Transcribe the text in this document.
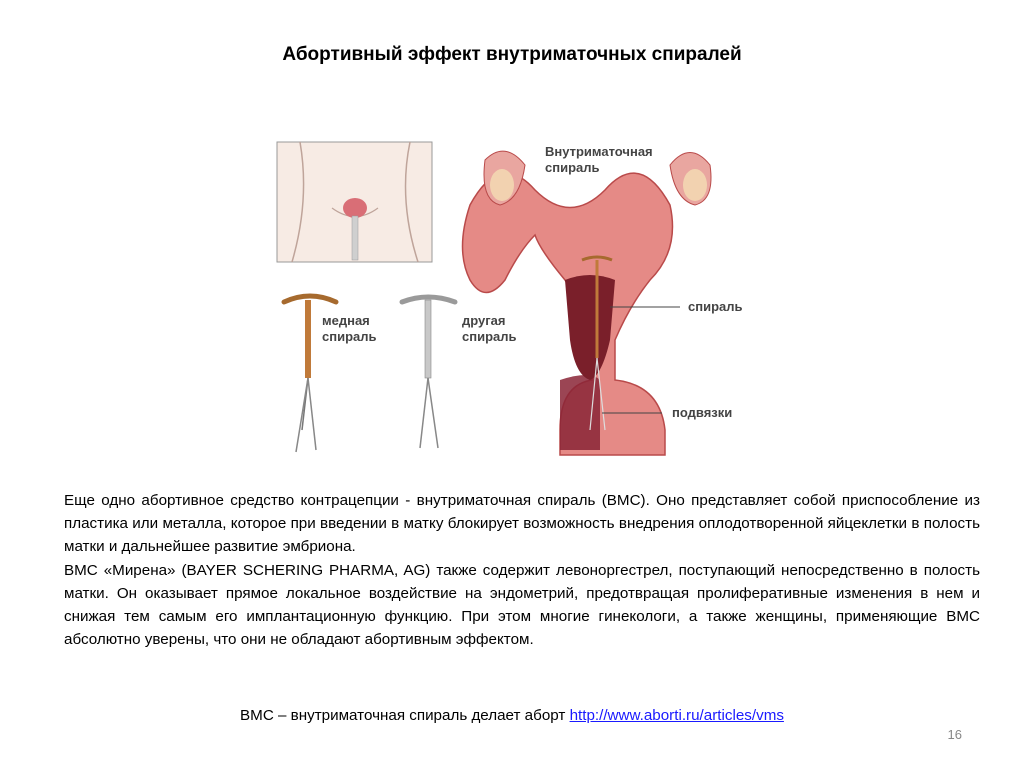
Абортивный эффект внутриматочных спиралей
медная
спираль
другая
спираль
Внутриматочная
спираль
спираль
подвязки

Еще одно абортивное средство контрацепции - внутриматочная спираль (ВМС). Оно представляет собой приспособление из пластика или металла, которое при введении в матку блокирует возможность внедрения оплодотворенной яйцеклетки в полость матки и дальнейшее развитие эмбриона.

ВМС «Мирена» (BAYER SCHERING PHARMA, AG) также содержит левоноргестрел, поступающий непосредственно в полость матки. Он оказывает прямое локальное воздействие на эндометрий, предотвращая пролиферативные изменения в нем и снижая тем самым его имплантационную функцию. При этом многие гинекологи, а также женщины, применяющие ВМС абсолютно уверены, что они не обладают абортивным эффектом.

ВМС – внутриматочная спираль делает аборт http://www.aborti.ru/articles/vms
16
